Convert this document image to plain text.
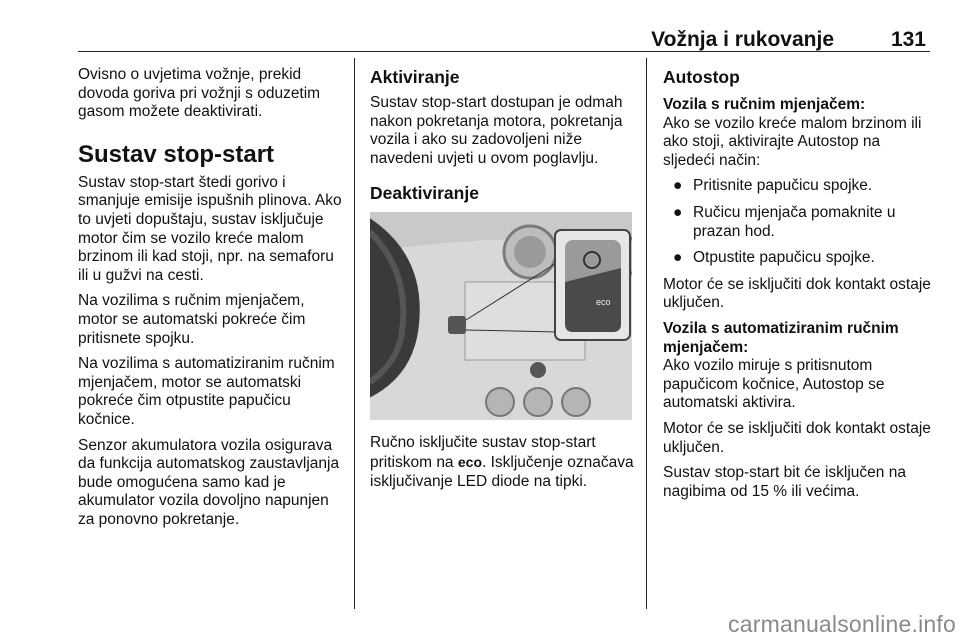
Vožnja i rukovanje	131

Ovisno o uvjetima vožnje, prekid dovoda goriva pri vožnji s oduzetim gasom možete deaktivirati.

Sustav stop-start

Sustav stop-start štedi gorivo i smanjuje emisije ispušnih plinova. Ako to uvjeti dopuštaju, sustav isključuje motor čim se vozilo kreće malom brzinom ili kad stoji, npr. na semaforu ili u gužvi na cesti.

Na vozilima s ručnim mjenjačem, motor se automatski pokreće čim pritisnete spojku.

Na vozilima s automatiziranim ručnim mjenjačem, motor se automatski pokreće čim otpustite papučicu kočnice.

Senzor akumulatora vozila osigurava da funkcija automatskog zaustavljanja bude omogućena samo kad je akumulator vozila dovoljno napunjen za ponovno pokretanje.

Aktiviranje

Sustav stop-start dostupan je odmah nakon pokretanja motora, pokretanja vozila i ako su zadovoljeni niže navedeni uvjeti u ovom poglavlju.

Deaktiviranje
eco

Ručno isključite sustav stop-start pritiskom na eco. Isključenje označava isključivanje LED diode na tipki.

Autostop
Vozila s ručnim mjenjačem:

Ako se vozilo kreće malom brzinom ili ako stoji, aktivirajte Autostop na sljedeći način:

● Pritisnite papučicu spojke.
● Ručicu mjenjača pomaknite u prazan hod.
● Otpustite papučicu spojke.

Motor će se isključiti dok kontakt ostaje uključen.

Vozila s automatiziranim ručnim mjenjačem:

Ako vozilo miruje s pritisnutom papučicom kočnice, Autostop se automatski aktivira.

Motor će se isključiti dok kontakt ostaje uključen.

Sustav stop-start bit će isključen na nagibima od 15 % ili većima.

carmanualsonline.info
